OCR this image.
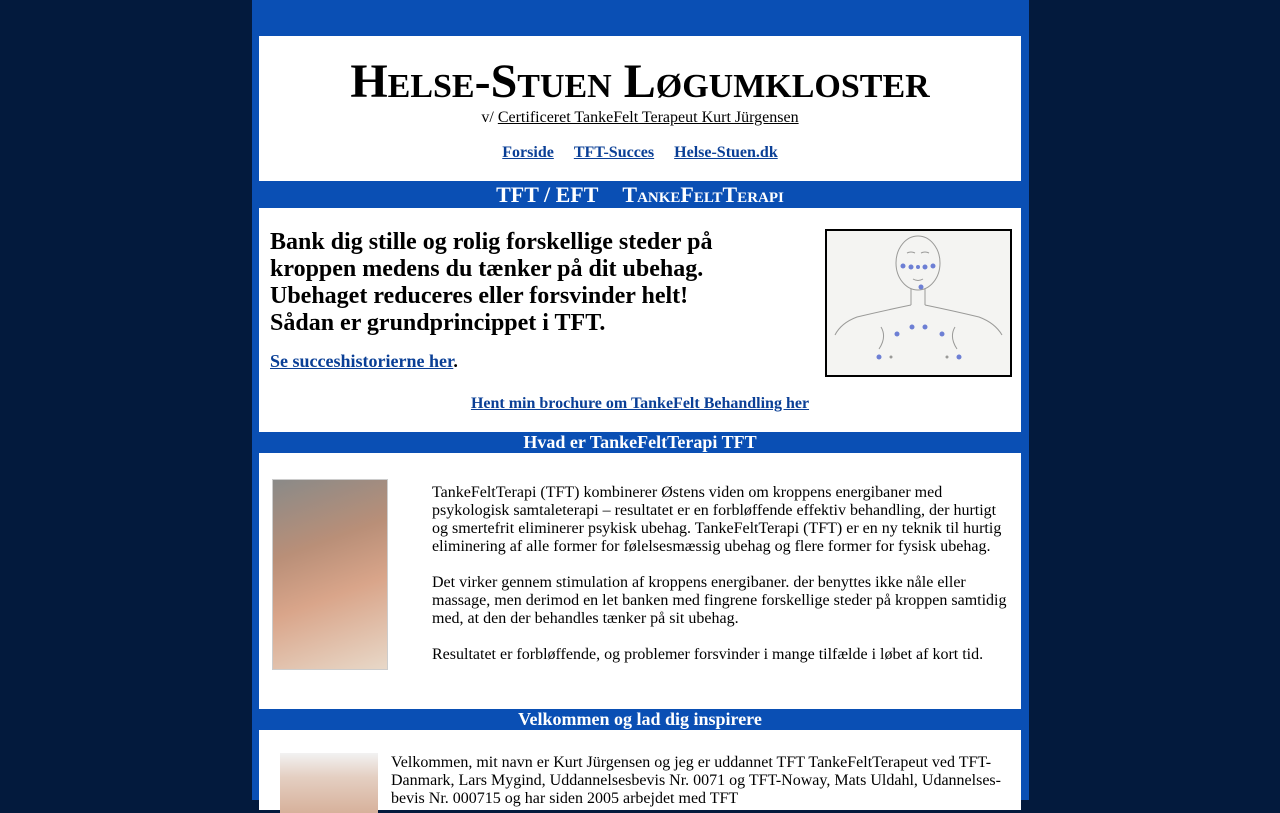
Helse-Stuen Løgumkloster
v/ Certificeret TankeFelt Terapeut Kurt Jürgensen
Forside TFT-Succes Helse-Stuen.dk
TFT / EFT TankeFeltTerapi

Bank dig stille og rolig forskellige steder på
kroppen medens du tænker på dit ubehag.
Ubehaget reduceres eller forsvinder helt!
Sådan er grundprincippet i TFT.

Se succeshistorierne her.
Hent min brochure om TankeFelt Behandling her
Hvad er TankeFeltTerapi TFT

TankeFeltTerapi (TFT) kombinerer Østens viden om kroppens energibaner med psykologisk samtaleterapi – resultatet er en forbløffende effektiv behandling, der hurtigt og smertefrit eliminerer psykisk ubehag. TankeFeltTerapi (TFT) er en ny teknik til hurtig eliminering af alle former for følelsesmæssig ubehag og flere former for fysisk ubehag.

Det virker gennem stimulation af kroppens energibaner. der benyttes ikke nåle eller massage, men derimod en let banken med fingrene forskellige steder på kroppen samtidig med, at den der behandles tænker på sit ubehag.

Resultatet er forbløffende, og problemer forsvinder i mange tilfælde i løbet af kort tid.

Velkommen og lad dig inspirere

Velkommen, mit navn er Kurt Jürgensen og jeg er uddannet TFT TankeFeltTerapeut ved TFT-Danmark, Lars Mygind, Uddannelsesbevis Nr. 0071 og TFT-Noway, Mats Uldahl, Udannelses-bevis Nr. 000715 og har siden 2005 arbejdet med TFT
